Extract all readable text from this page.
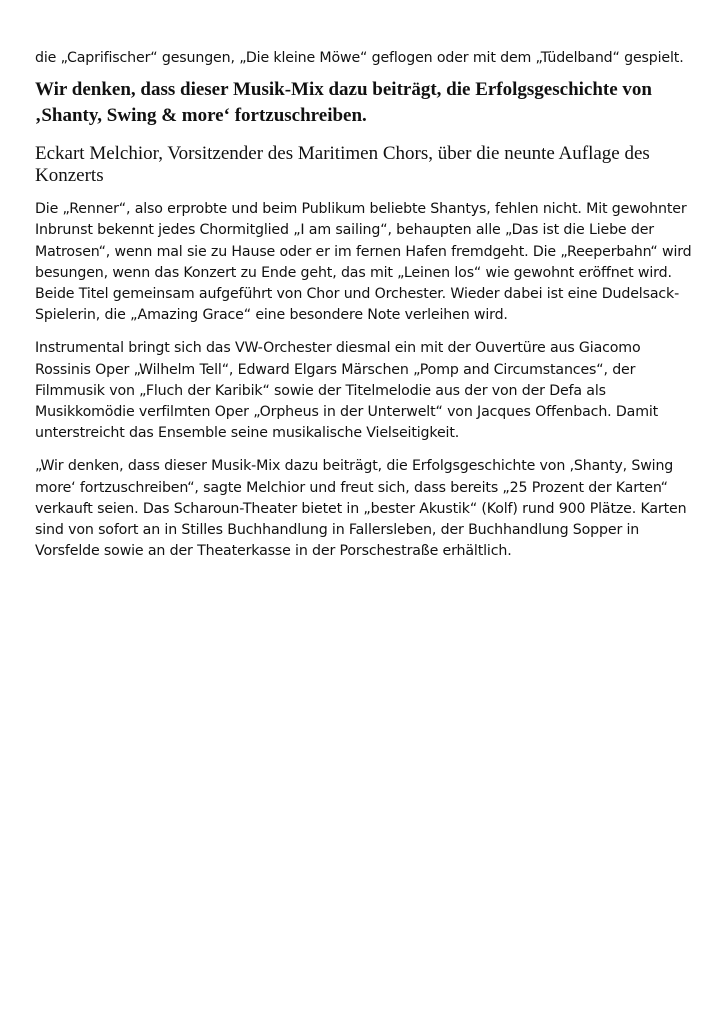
die „Caprifischer“ gesungen, „Die kleine Möwe“ geflogen oder mit dem „Tüdelband“ gespielt.

Wir denken, dass dieser Musik-Mix dazu beiträgt, die Erfolgsgeschichte von ‚Shanty, Swing & more‘ fortzuschreiben.

Eckart Melchior, Vorsitzender des Maritimen Chors, über die neunte Auflage des Konzerts

Die „Renner“, also erprobte und beim Publikum beliebte Shantys, fehlen nicht. Mit gewohnter Inbrunst bekennt jedes Chormitglied „I am sailing“, behaupten alle „Das ist die Liebe der Matrosen“, wenn mal sie zu Hause oder er im fernen Hafen fremdgeht. Die „Reeperbahn“ wird besungen, wenn das Konzert zu Ende geht, das mit „Leinen los“ wie gewohnt eröffnet wird. Beide Titel gemeinsam aufgeführt von Chor und Orchester. Wieder dabei ist eine Dudelsack-Spielerin, die „Amazing Grace“ eine besondere Note verleihen wird.

Instrumental bringt sich das VW-Orchester diesmal ein mit der Ouvertüre aus Giacomo Rossinis Oper „Wilhelm Tell“, Edward Elgars Märschen „Pomp and Circumstances“, der Filmmusik von „Fluch der Karibik“ sowie der Titelmelodie aus der von der Defa als Musikkomödie verfilmten Oper „Orpheus in der Unterwelt“ von Jacques Offenbach. Damit unterstreicht das Ensemble seine musikalische Vielseitigkeit.

„Wir denken, dass dieser Musik-Mix dazu beiträgt, die Erfolgsgeschichte von ‚Shanty, Swing more‘ fortzuschreiben“, sagte Melchior und freut sich, dass bereits „25 Prozent der Karten“ verkauft seien. Das Scharoun-Theater bietet in „bester Akustik“ (Kolf) rund 900 Plätze. Karten sind von sofort an in Stilles Buchhandlung in Fallersleben, der Buchhandlung Sopper in Vorsfelde sowie an der Theaterkasse in der Porschestraße erhältlich.
